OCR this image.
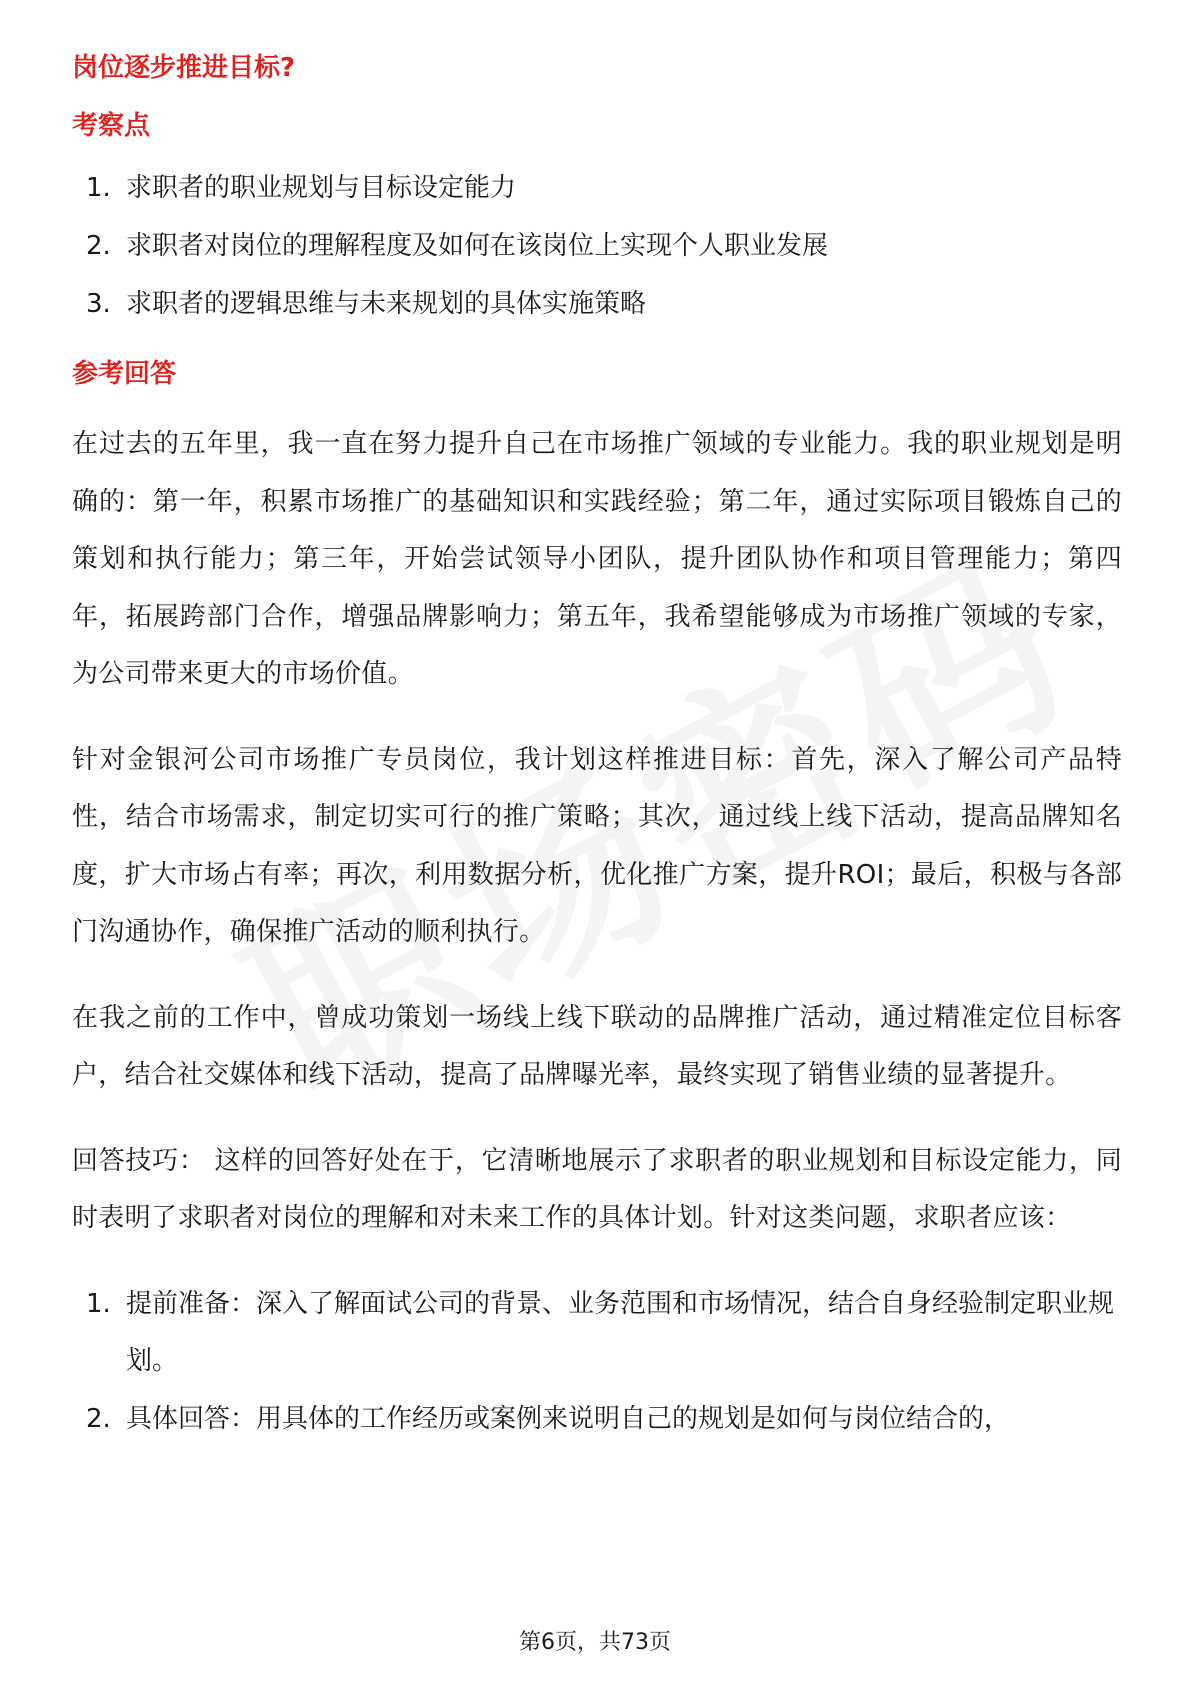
岗位逐步推进目标?
考察点
1. 求职者的职业规划与目标设定能力
2. 求职者对岗位的理解程度及如何在该岗位上实现个人职业发展
3. 求职者的逻辑思维与未来规划的具体实施策略
参考回答

在过去的五年里，我一直在努力提升自己在市场推广领域的专业能力。我的职业规划是明确的：第一年，积累市场推广的基础知识和实践经验；第二年，通过实际项目锻炼自己的策划和执行能力；第三年，开始尝试领导小团队，提升团队协作和项目管理能力；第四年，拓展跨部门合作，增强品牌影响力；第五年，我希望能够成为市场推广领域的专家，为公司带来更大的市场价值。

针对金银河公司市场推广专员岗位，我计划这样推进目标：首先，深入了解公司产品特性，结合市场需求，制定切实可行的推广策略；其次，通过线上线下活动，提高品牌知名度，扩大市场占有率；再次，利用数据分析，优化推广方案，提升ROI；最后，积极与各部门沟通协作，确保推广活动的顺利执行。

在我之前的工作中，曾成功策划一场线上线下联动的品牌推广活动，通过精准定位目标客户，结合社交媒体和线下活动，提高了品牌曝光率，最终实现了销售业绩的显著提升。

回答技巧： 这样的回答好处在于，它清晰地展示了求职者的职业规划和目标设定能力，同时表明了求职者对岗位的理解和对未来工作的具体计划。针对这类问题，求职者应该：

1. 提前准备：深入了解面试公司的背景、业务范围和市场情况，结合自身经验制定职业规划。
2. 具体回答：用具体的工作经历或案例来说明自己的规划是如何与岗位结合的，
第6页，共73页
